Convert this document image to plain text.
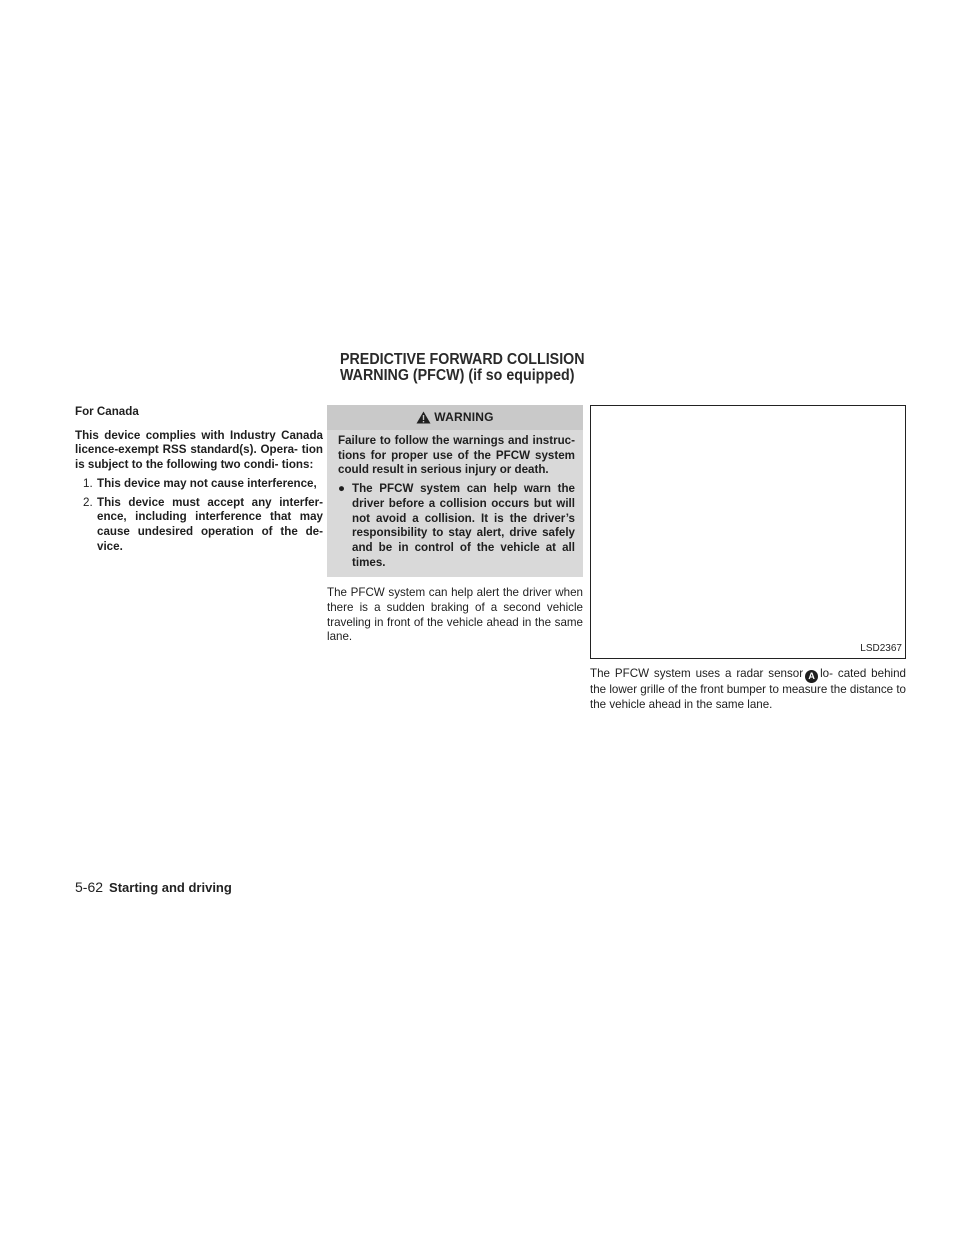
PREDICTIVE FORWARD COLLISION
WARNING (PFCW) (if so equipped)

For Canada

This device complies with Industry Canada licence-exempt RSS standard(s). Opera- tion is subject to the following two condi- tions:

1. This device may not cause interference,
2. This device must accept any interfer- ence, including interference that may cause undesired operation of the de- vice.
WARNING

Failure to follow the warnings and instruc- tions for proper use of the PFCW system could result in serious injury or death.

● The PFCW system can help warn the driver before a collision occurs but will not avoid a collision. It is the driver’s responsibility to stay alert, drive safely and be in control of the vehicle at all times.

The PFCW system can help alert the driver when there is a sudden braking of a second vehicle traveling in front of the vehicle ahead in the same lane.

LSD2367

The PFCW system uses a radar sensor A lo- cated behind the lower grille of the front bumper to measure the distance to the vehicle ahead in the same lane.

5-62 Starting and driving
